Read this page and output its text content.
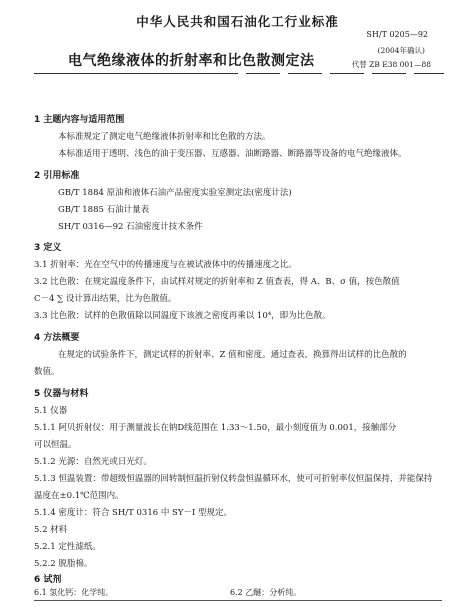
中华人民共和国石油化工行业标准
SH/T 0205—92
(2004年确认)
电气绝缘液体的折射率和比色散测定法	代替 ZB E38 001—88
1 主题内容与适用范围
本标准规定了测定电气绝缘液体折射率和比色散的方法。
本标准适用于透明、浅色的油于变压器、互感器、油断路器、断路器等设备的电气绝缘液体。
2 引用标准
GB/T 1884 原油和液体石油产品密度实验室测定法(密度计法)
GB/T 1885 石油计量表
SH/T 0316—92 石油密度计技术条件
3 定义
3.1 折射率：光在空气中的传播速度与在被试液体中的传播速度之比。
3.2 比色散：在规定温度条件下，由试样对规定的折射率和 Z 值查表，得 A、B、σ 值，按色散值
C－4 ∑ 设计算出结果，比为色散值。
3.3 比色散：试样的色散值除以同温度下该液之密度再乘以 10⁴，即为比色散。
4 方法概要
在规定的试验条件下，测定试样的折射率、Z 值和密度。通过查表，换算得出试样的比色散的
数值。
5 仪器与材料
5.1 仪器
5.1.1 阿贝折射仪：用于测量波长在钠D线范围在 1.33～1.50，最小刻度值为 0.001，接触部分
可以恒温。
5.1.2 光源：自然光或日光灯。
5.1.3 恒温装置：带超级恒温器的回转制恒温折射仪转盘恒温循环水，使可可折射率仪恒温保持，并能保持
温度在±0.1℃范围内。
5.1.4 密度计：符合 SH/T 0316 中 SY－I 型规定。
5.2 材料
5.2.1 定性滤纸。
5.2.2 脱脂棉。
6 试剂
6.1 氢化钙：化学纯。	6.2 乙醚：分析纯。
